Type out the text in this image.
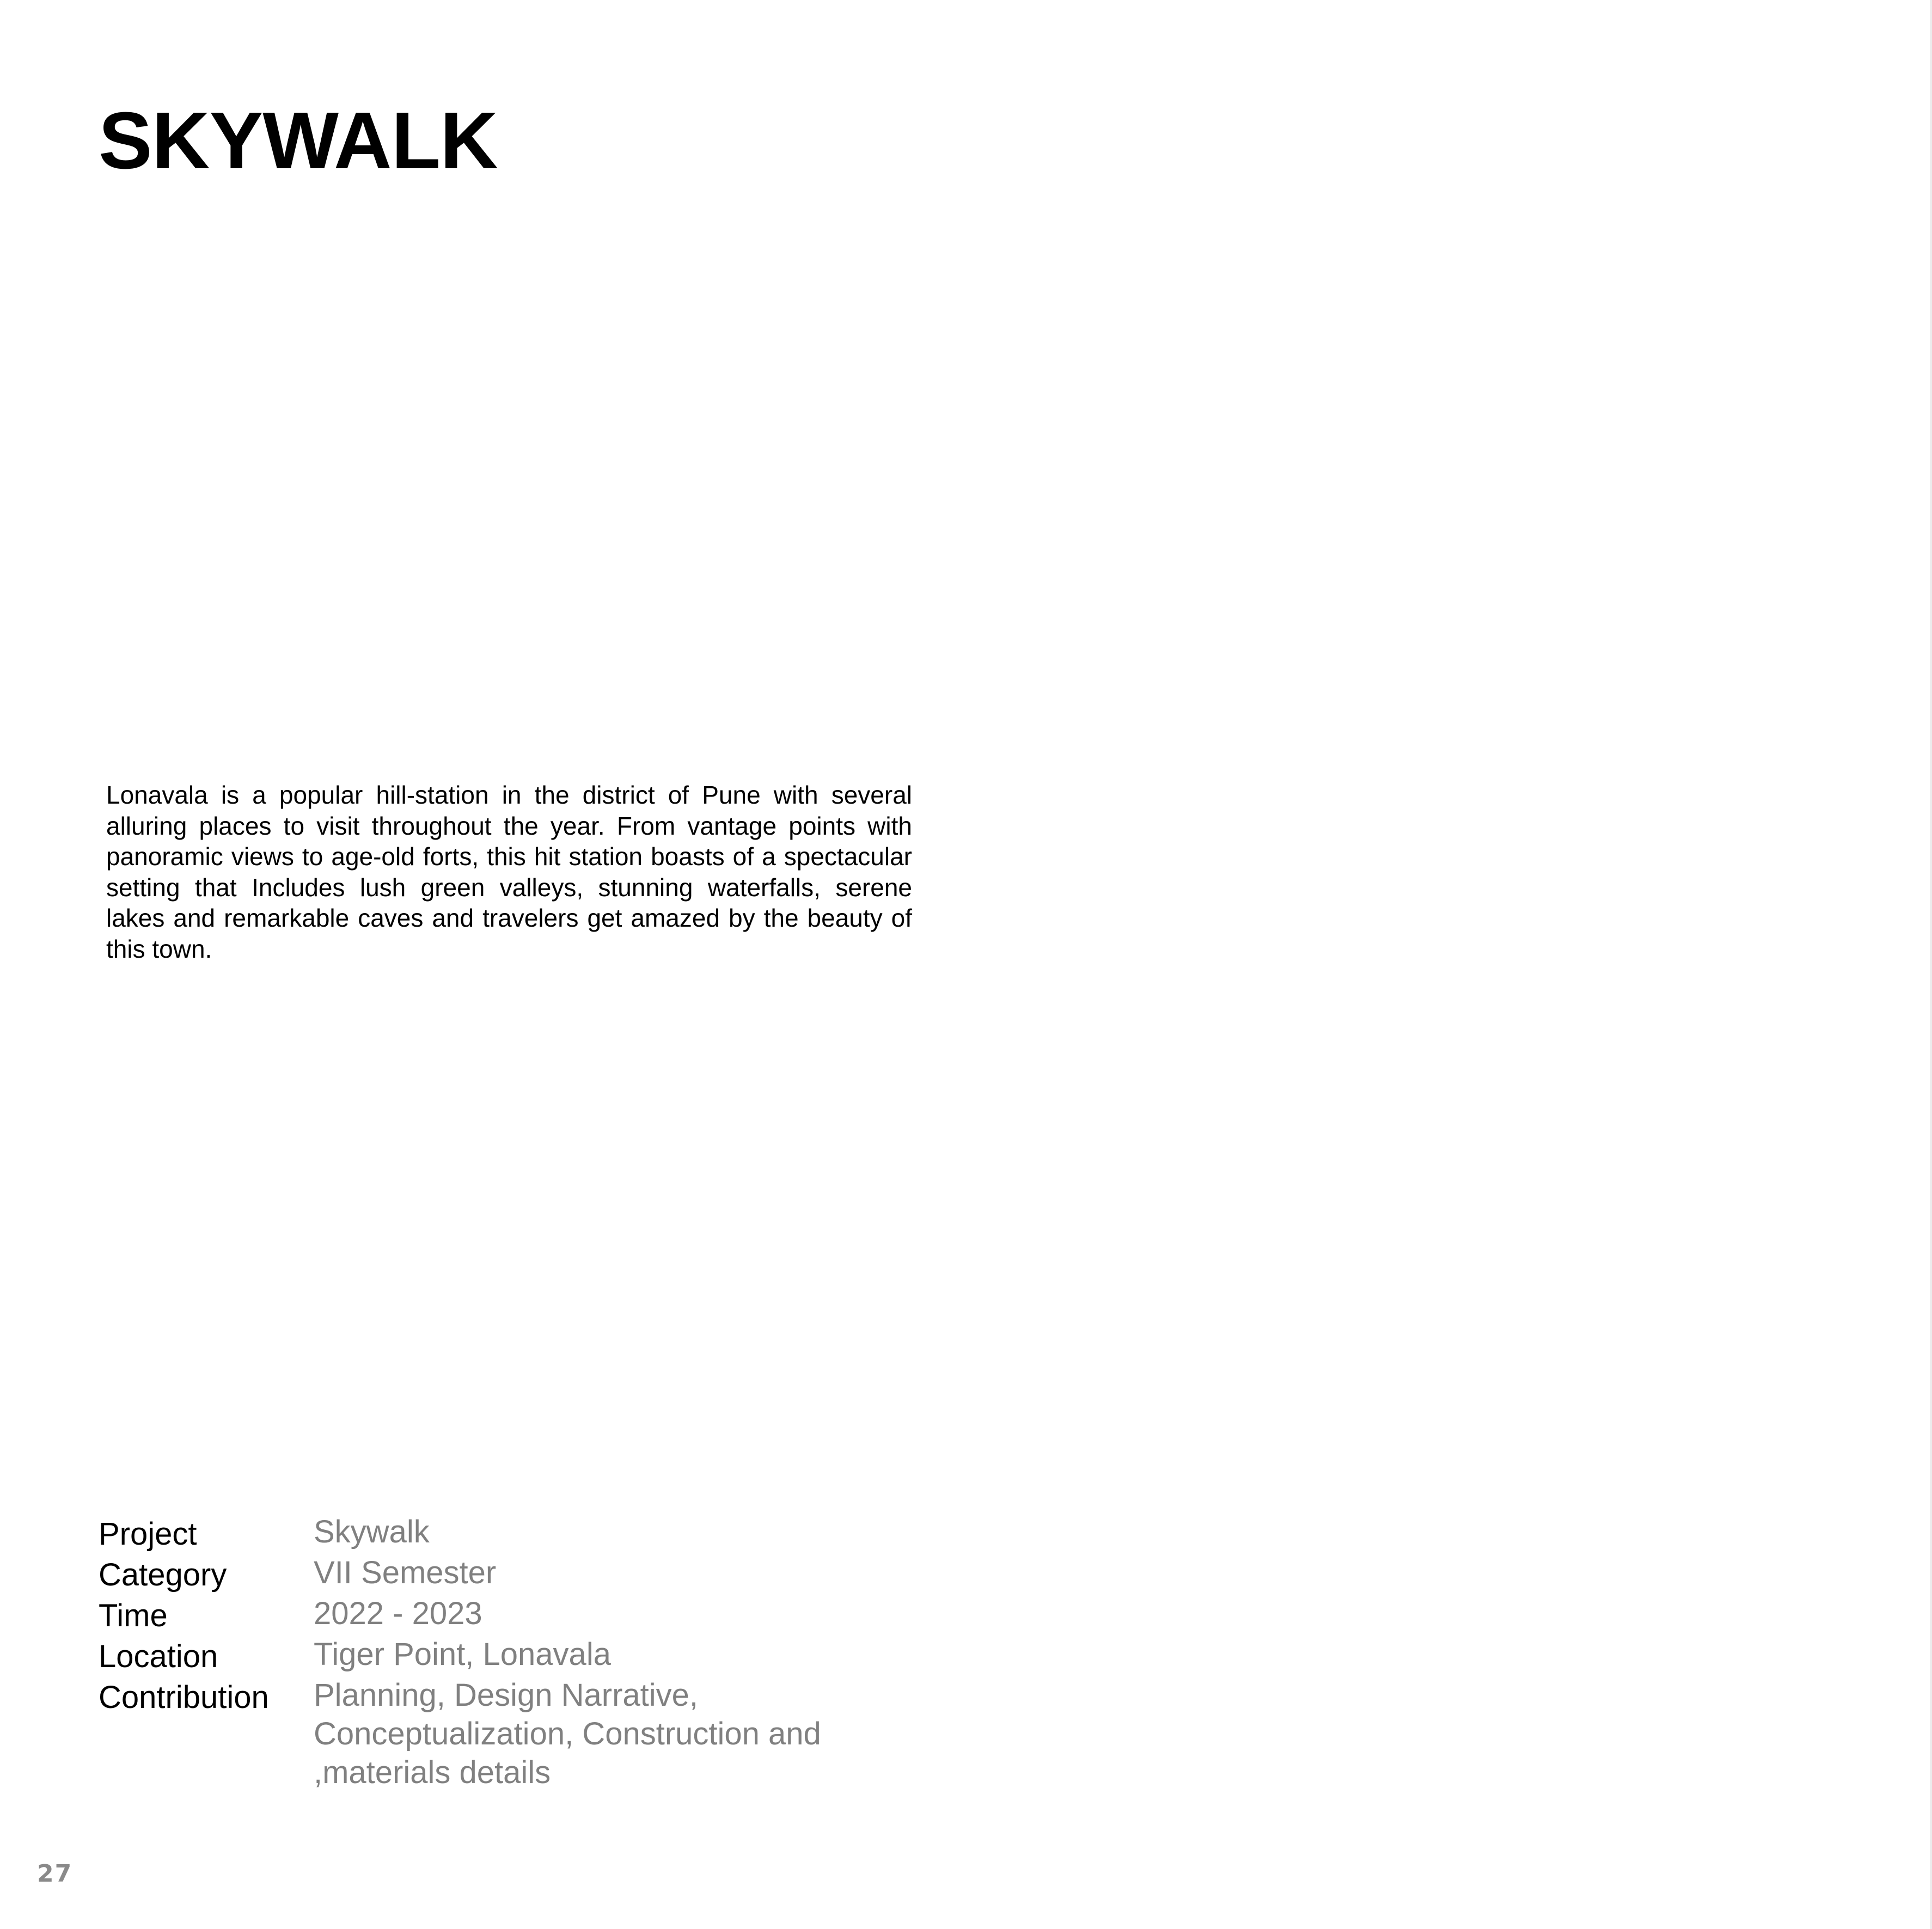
SKYWALK

Lonavala is a popular hill-station in the district of Pune with several alluring places to visit throughout the year. From vantage points with panoramic views to age-old forts, this hit station boasts of a spectacular setting that Includes lush green valleys, stunning waterfalls, serene lakes and remarkable caves and travelers get amazed by the beauty of this town.

Project	Skywalk
Category	VII Semester
Time	2022 - 2023
Location	Tiger Point, Lonavala
Contribution	Planning, Design Narrative, Conceptualization, Construction and ,materials details
27
